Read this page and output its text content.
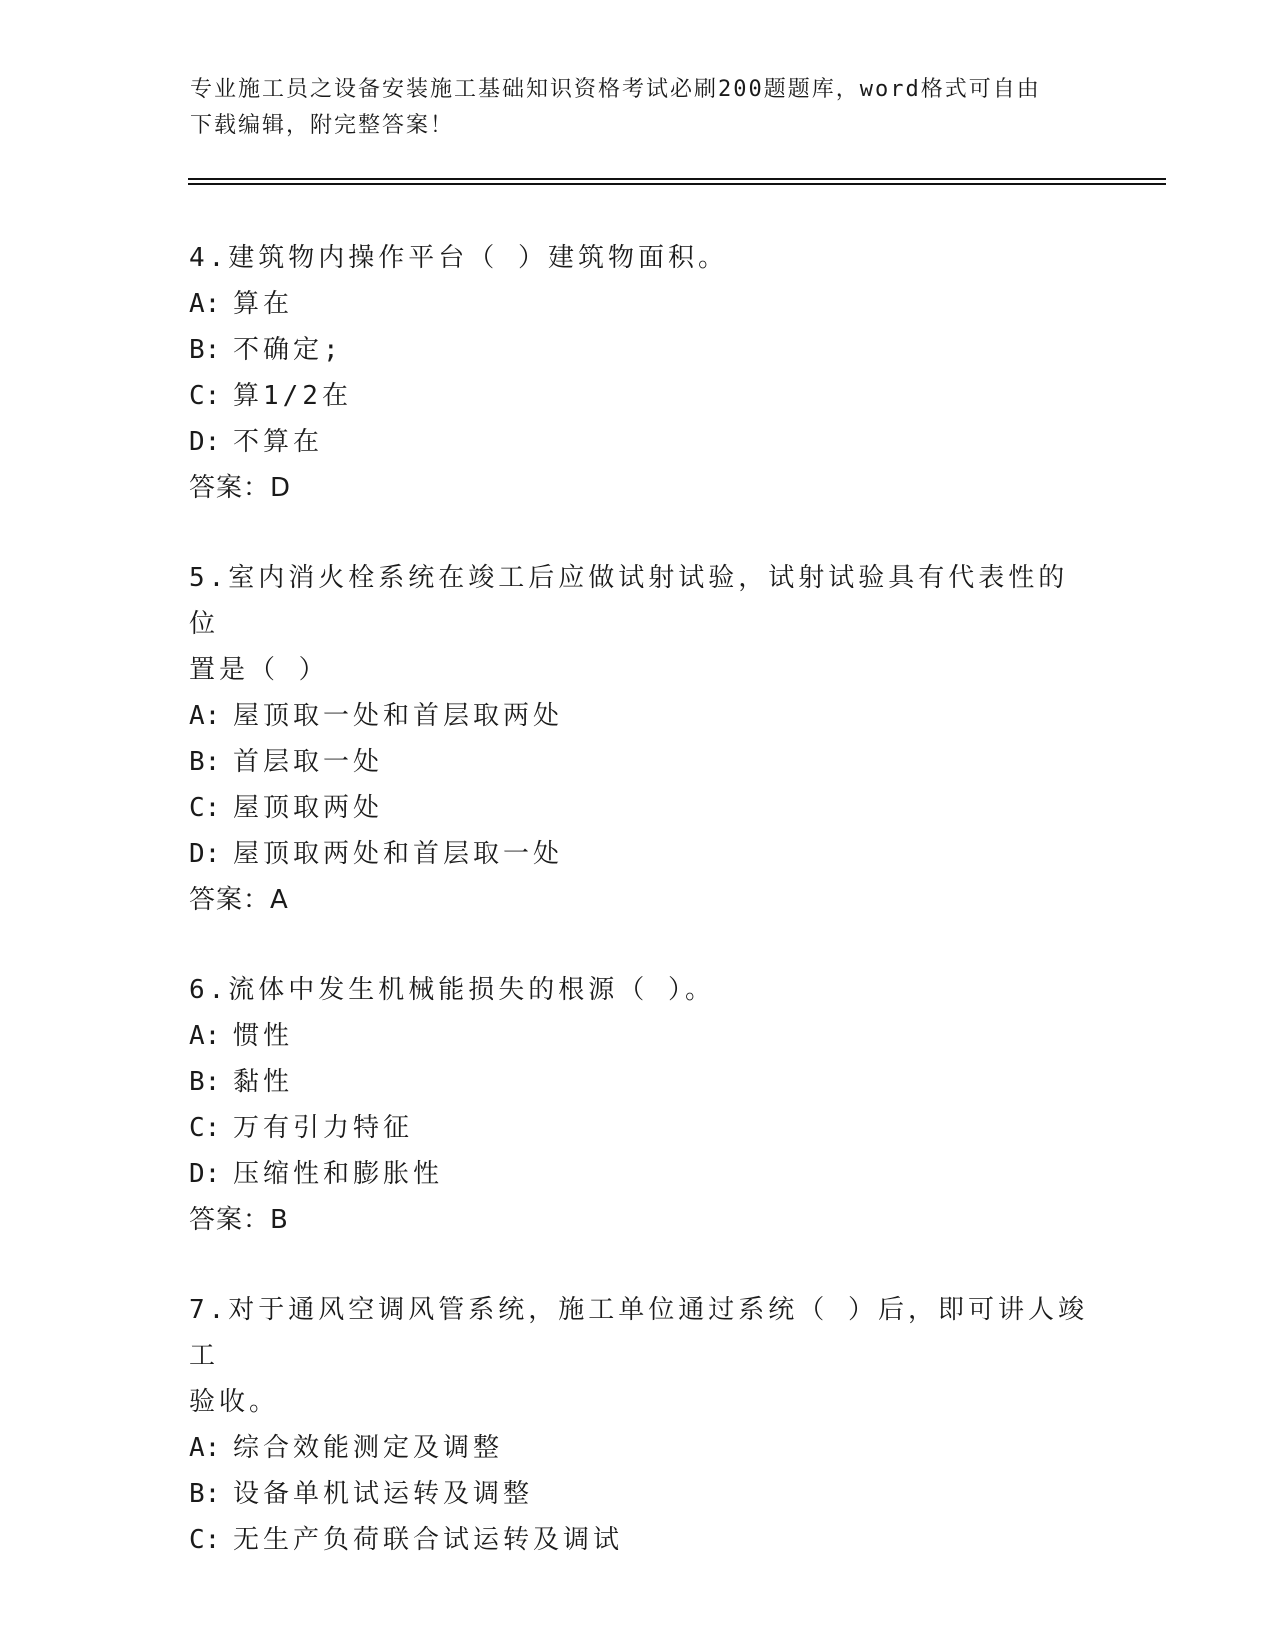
专业施工员之设备安装施工基础知识资格考试必刷200题题库，word格式可自由
下载编辑，附完整答案！
4.建筑物内操作平台（ ）建筑物面积。
A: 算在
B: 不确定;
C: 算1/2在
D: 不算在
答案：D
5.室内消火栓系统在竣工后应做试射试验，试射试验具有代表性的位
置是（ ）
A: 屋顶取一处和首层取两处
B: 首层取一处
C: 屋顶取两处
D: 屋顶取两处和首层取一处
答案：A
6.流体中发生机械能损失的根源（ ）。
A: 惯性
B: 黏性
C: 万有引力特征
D: 压缩性和膨胀性
答案：B
7.对于通风空调风管系统，施工单位通过系统（ ）后，即可讲人竣工
验收。
A: 综合效能测定及调整
B: 设备单机试运转及调整
C: 无生产负荷联合试运转及调试
